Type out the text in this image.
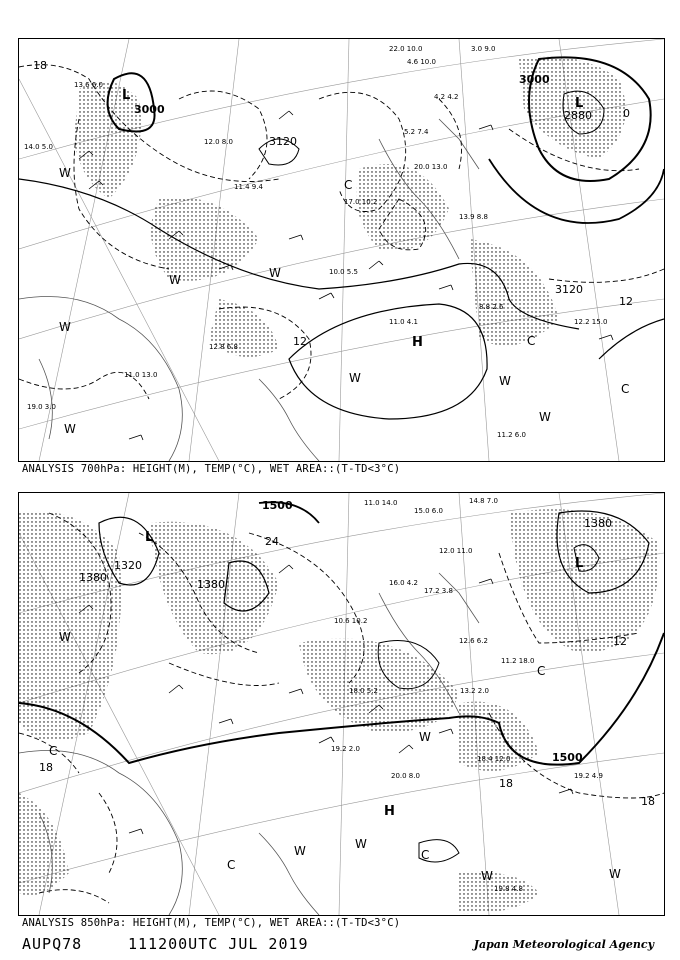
3.0 9.0
22.0 10.0
4.6 10.0
13.6 6.0
12.0 8.0
11.4 9.4
14.0 5.0
4.2 4.2
5.2 7.4
20.0 13.0
13.9 8.8
10.0 5.5
8.8 2.6
11.0 4.1
12.8 6.8
11.0 13.0
11.2 6.0
12.2 15.0
19.0 3.0
17.0 10.2
3000
3000
3120
3120
2880
L
L
H
18
12
12
0
C
C
C
W
W	W
W
W	W
W
W
ANALYSIS 700hPa: HEIGHT(M), TEMP(°C), WET AREA::(T-TD<3°C)
11.0 14.0
15.0 6.0
14.8 7.0
12.0 11.0
17.2 3.8
16.0 4.2
12.6 6.2
11.2 18.0
20.0 8.0
19.2 2.0
19.2 4.9
19.8 4.8
10.6 10.2
18.0 5.2	13.2 2.0
18.4 12.0
1500
1500
1380
1380
1380
1320
L
L
H
24
18
18
18
12
C
C
C
C
W
W
W	W
W	W
ANALYSIS 850hPa: HEIGHT(M), TEMP(°C), WET AREA::(T-TD<3°C)
AUPQ78	111200UTC JUL 2019	Japan Meteorological Agency
